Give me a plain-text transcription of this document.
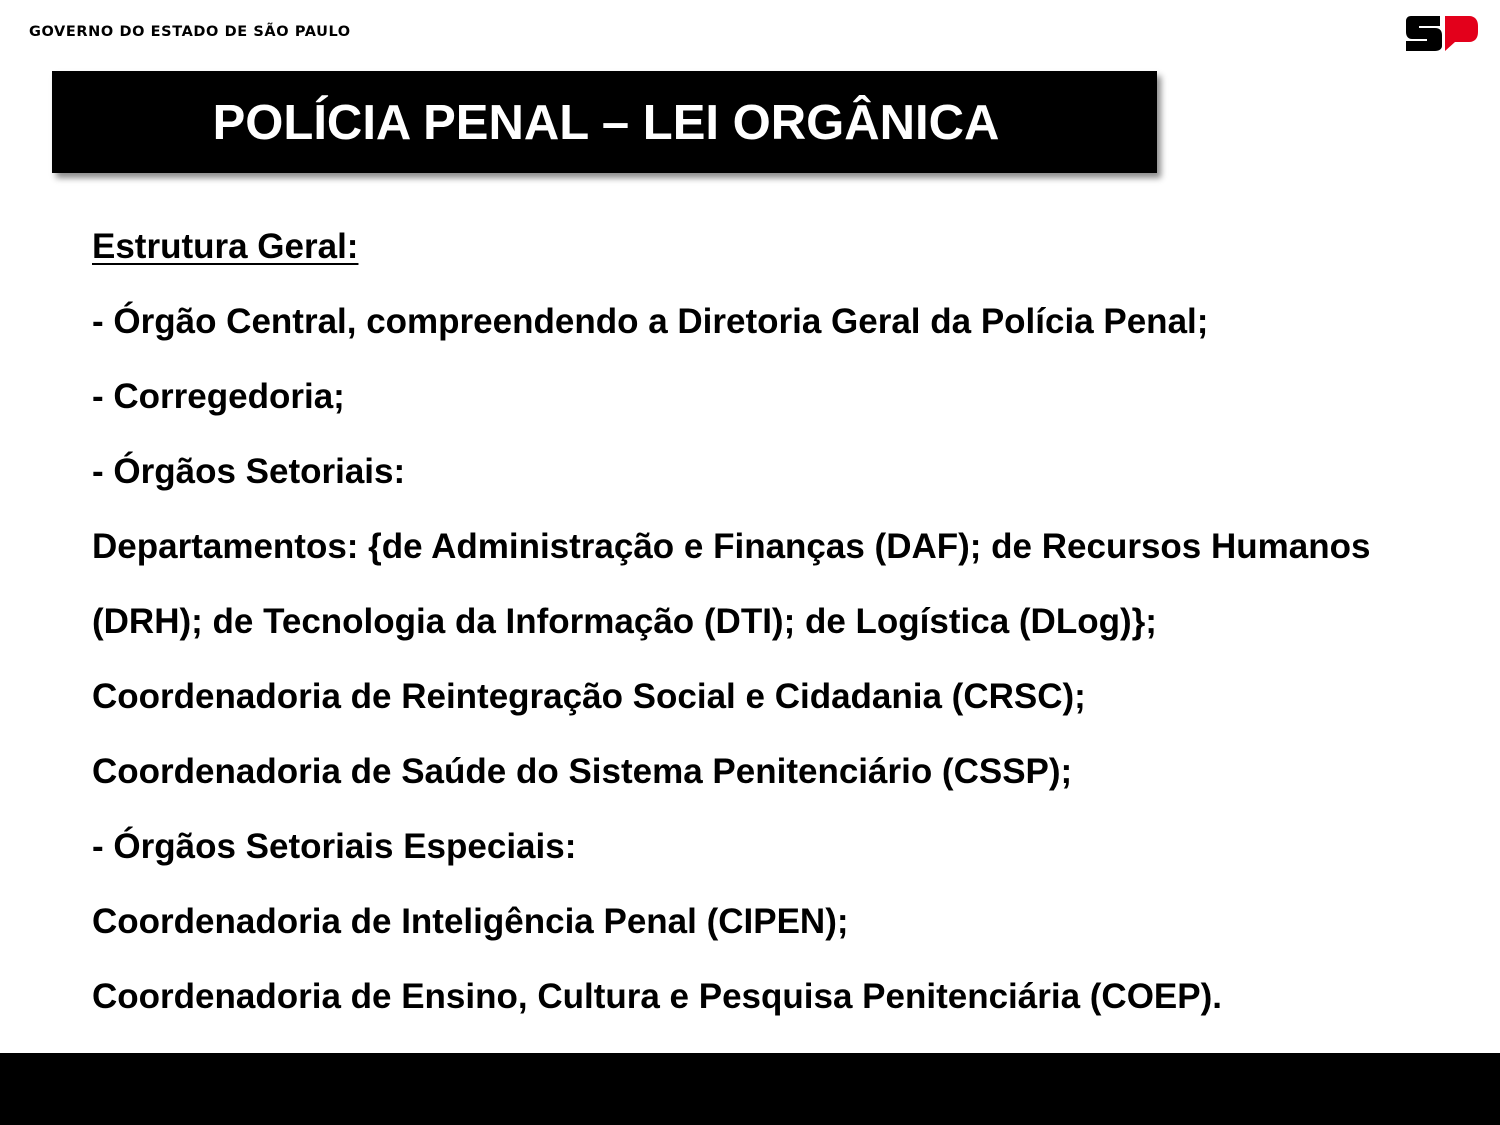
GOVERNO DO ESTADO DE SÃO PAULO
POLÍCIA PENAL – LEI ORGÂNICA
Estrutura Geral:
- Órgão Central, compreendendo a Diretoria Geral da Polícia Penal;
- Corregedoria;
- Órgãos Setoriais:
Departamentos: {de Administração e Finanças (DAF); de Recursos Humanos
(DRH); de Tecnologia da Informação (DTI); de Logística (DLog)};
Coordenadoria de Reintegração Social e Cidadania (CRSC);
Coordenadoria de Saúde do Sistema Penitenciário (CSSP);
- Órgãos Setoriais Especiais:
Coordenadoria de Inteligência Penal (CIPEN);
Coordenadoria de Ensino, Cultura e Pesquisa Penitenciária (COEP).
